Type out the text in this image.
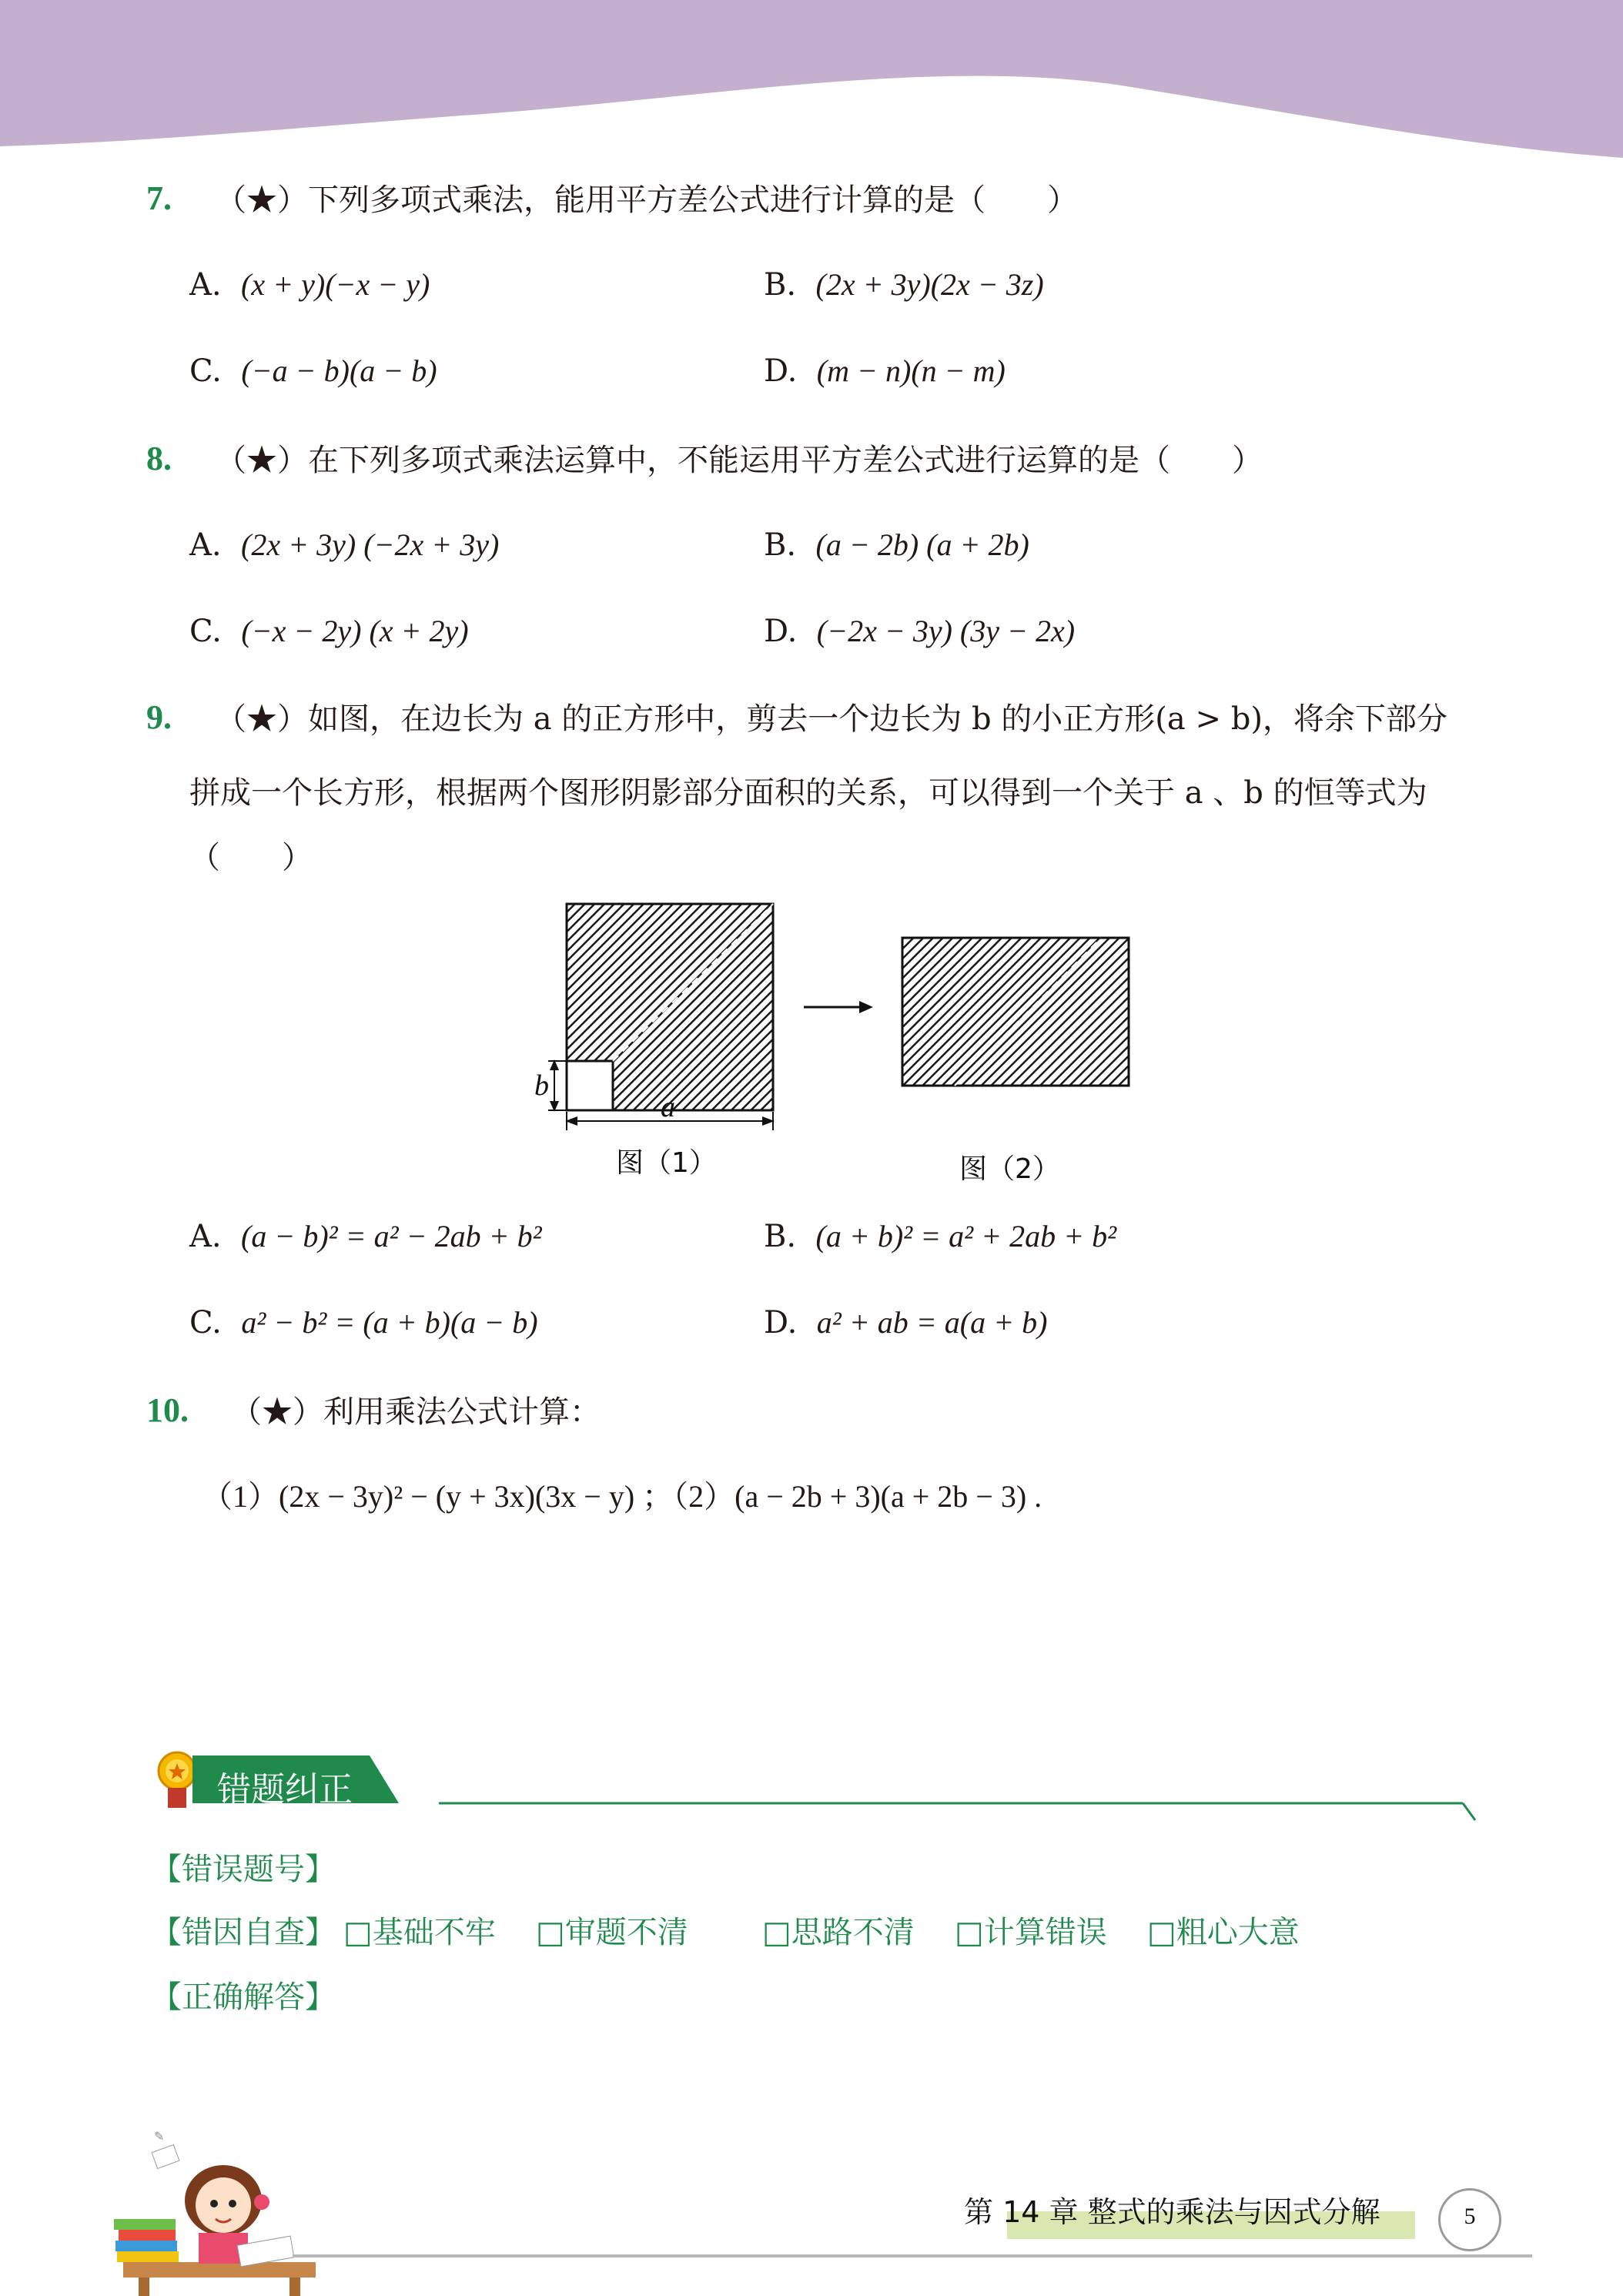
7. （★）下列多项式乘法，能用平方差公式进行计算的是（　　）
A. (x + y)(−x − y)	B. (2x + 3y)(2x − 3z)
C. (−a − b)(a − b)	D. (m − n)(n − m)
8. （★）在下列多项式乘法运算中，不能运用平方差公式进行运算的是（　　）
A. (2x + 3y) (−2x + 3y)	B. (a − 2b) (a + 2b)
C. (−x − 2y) (x + 2y)	D. (−2x − 3y) (3y − 2x)
9. （★）如图，在边长为 a 的正方形中，剪去一个边长为 b 的小正方形(a > b)，将余下部分
拼成一个长方形，根据两个图形阴影部分面积的关系，可以得到一个关于 a 、b 的恒等式为
（　　）
b
a
图（1）	图（2）
A. (a − b)² = a² − 2ab + b²	B. (a + b)² = a² + 2ab + b²
C. a² − b² = (a + b)(a − b)	D. a² + ab = a(a + b)
10. （★）利用乘法公式计算：
（1）(2x − 3y)² − (y + 3x)(3x − y) ；（2）(a − 2b + 3)(a + 2b − 3) .
错题纠正
【错误题号】
【错因自查】 □基础不牢 □审题不清 □思路不清 □计算错误 □粗心大意
【正确解答】
✎
第 14 章 整式的乘法与因式分解	5
